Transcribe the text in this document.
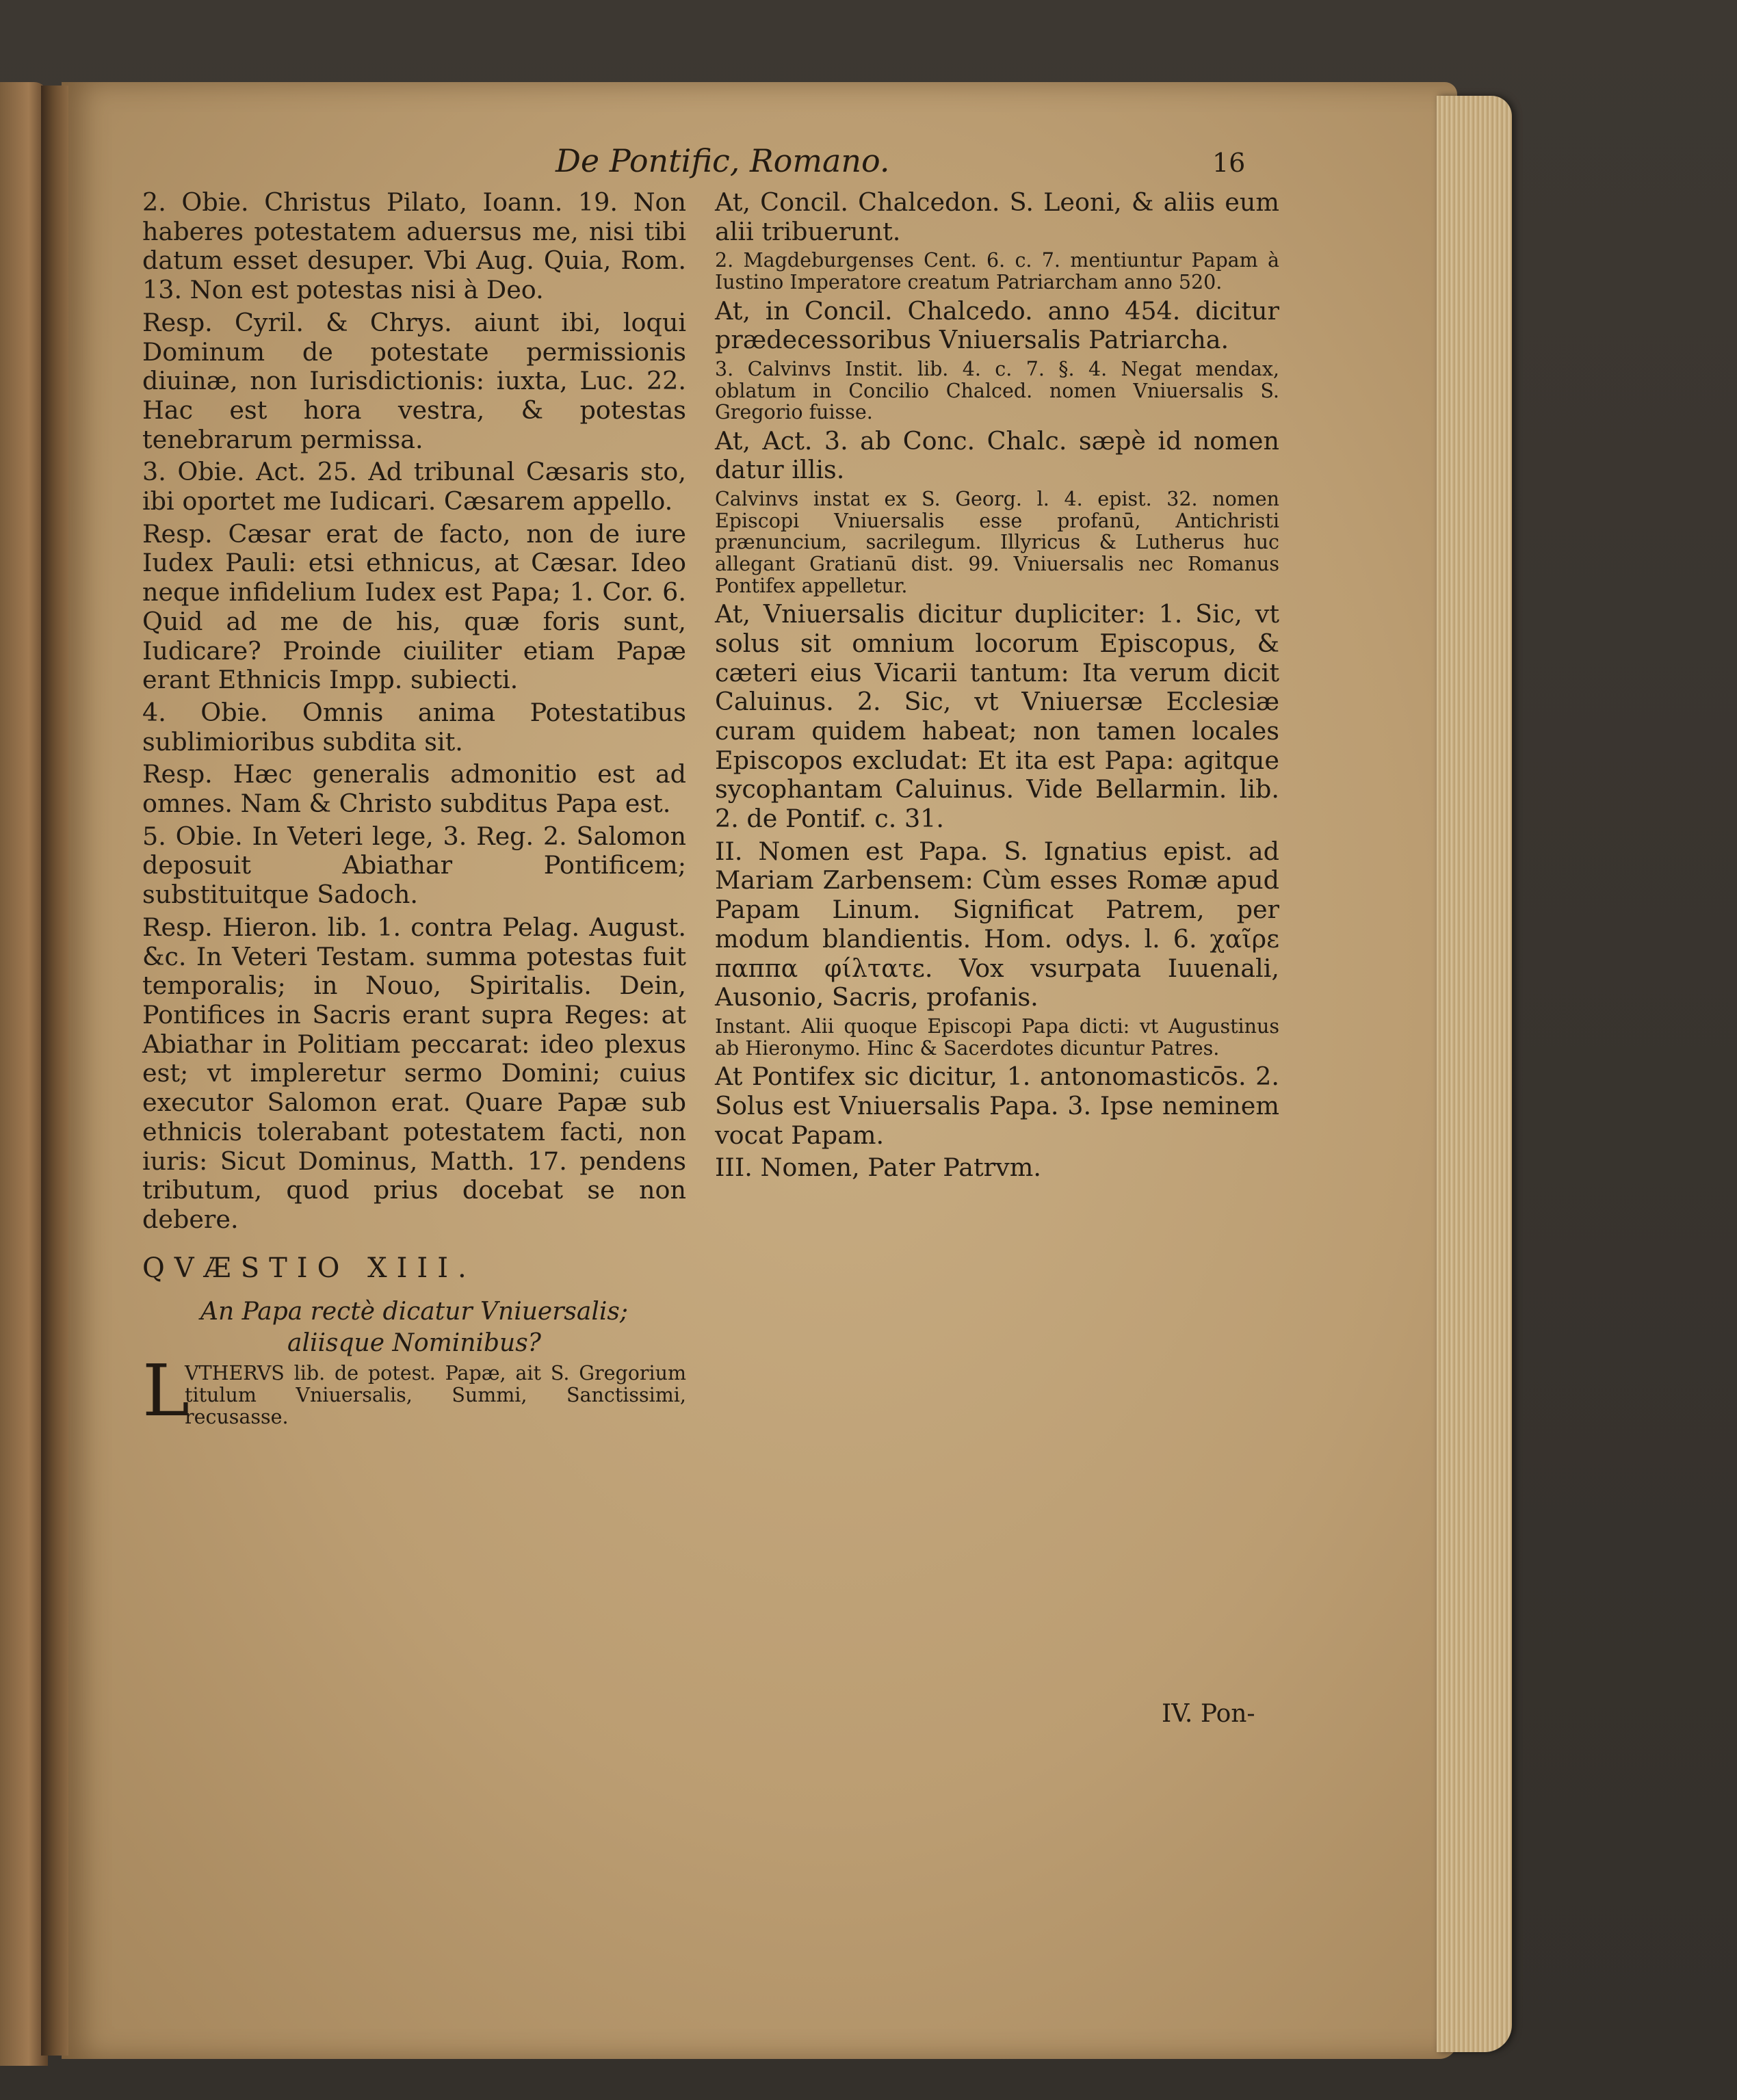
De Pontific, Romano.	16

2. Obie. Christus Pilato, Ioann. 19. Non haberes potestatem aduersus me, nisi tibi datum esset desuper. Vbi Aug. Quia, Rom. 13. Non est potestas nisi à Deo.

Resp. Cyril. & Chrys. aiunt ibi, loqui Dominum de potestate permissionis diuinæ, non Iurisdictionis: iuxta, Luc. 22. Hac est hora vestra, & potestas tenebrarum permissa.

3. Obie. Act. 25. Ad tribunal Cæsaris sto, ibi oportet me Iudicari. Cæsarem appello.

Resp. Cæsar erat de facto, non de iure Iudex Pauli: etsi ethnicus, at Cæsar. Ideo neque infidelium Iudex est Papa; 1. Cor. 6. Quid ad me de his, quæ foris sunt, Iudicare? Proinde ciuiliter etiam Papæ erant Ethnicis Impp. subiecti.

4. Obie. Omnis anima Potestatibus sublimioribus subdita sit.

Resp. Hæc generalis admonitio est ad omnes. Nam & Christo subditus Papa est.

5. Obie. In Veteri lege, 3. Reg. 2. Salomon deposuit Abiathar Pontificem; substituitque Sadoch.

Resp. Hieron. lib. 1. contra Pelag. August. &c. In Veteri Testam. summa potestas fuit temporalis; in Nouo, Spiritalis. Dein, Pontifices in Sacris erant supra Reges: at Abiathar in Politiam peccarat: ideo plexus est; vt impleretur sermo Domini; cuius executor Salomon erat. Quare Papæ sub ethnicis tolerabant potestatem facti, non iuris: Sicut Dominus, Matth. 17. pendens tributum, quod prius docebat se non debere.

QVÆSTIO XIII.

An Papa rectè dicatur Vniuersalis;
aliisque Nominibus?

L
VTHERVS lib. de potest. Papæ, ait S. Gregorium titulum Vniuersalis, Summi, Sanctissimi, recusasse.

At, Concil. Chalcedon. S. Leoni, & aliis eum alii tribuerunt.

2. Magdeburgenses Cent. 6. c. 7. mentiuntur Papam à Iustino Imperatore creatum Patriarcham anno 520.

At, in Concil. Chalcedo. anno 454. dicitur prædecessoribus Vniuersalis Patriarcha.

3. Calvinvs Instit. lib. 4. c. 7. §. 4. Negat mendax, oblatum in Concilio Chalced. nomen Vniuersalis S. Gregorio fuisse.

At, Act. 3. ab Conc. Chalc. sæpè id nomen datur illis.

Calvinvs instat ex S. Georg. l. 4. epist. 32. nomen Episcopi Vniuersalis esse profanū, Antichristi prænuncium, sacrilegum. Illyricus & Lutherus huc allegant Gratianū dist. 99. Vniuersalis nec Romanus Pontifex appelletur.

At, Vniuersalis dicitur dupliciter: 1. Sic, vt solus sit omnium locorum Episcopus, & cæteri eius Vicarii tantum: Ita verum dicit Caluinus. 2. Sic, vt Vniuersæ Ecclesiæ curam quidem habeat; non tamen locales Episcopos excludat: Et ita est Papa: agitque sycophantam Caluinus. Vide Bellarmin. lib. 2. de Pontif. c. 31.

II. Nomen est Papa. S. Ignatius epist. ad Mariam Zarbensem: Cùm esses Romæ apud Papam Linum. Significat Patrem, per modum blandientis. Hom. odys. l. 6. χαῖρε παππα φίλτατε. Vox vsurpata Iuuenali, Ausonio, Sacris, profanis.

Instant. Alii quoque Episcopi Papa dicti: vt Augustinus ab Hieronymo. Hinc & Sacerdotes dicuntur Patres.

At Pontifex sic dicitur, 1. antonomasticōs. 2. Solus est Vniuersalis Papa. 3. Ipse neminem vocat Papam.

III. Nomen, Pater Patrvm.

IV. Pon-
